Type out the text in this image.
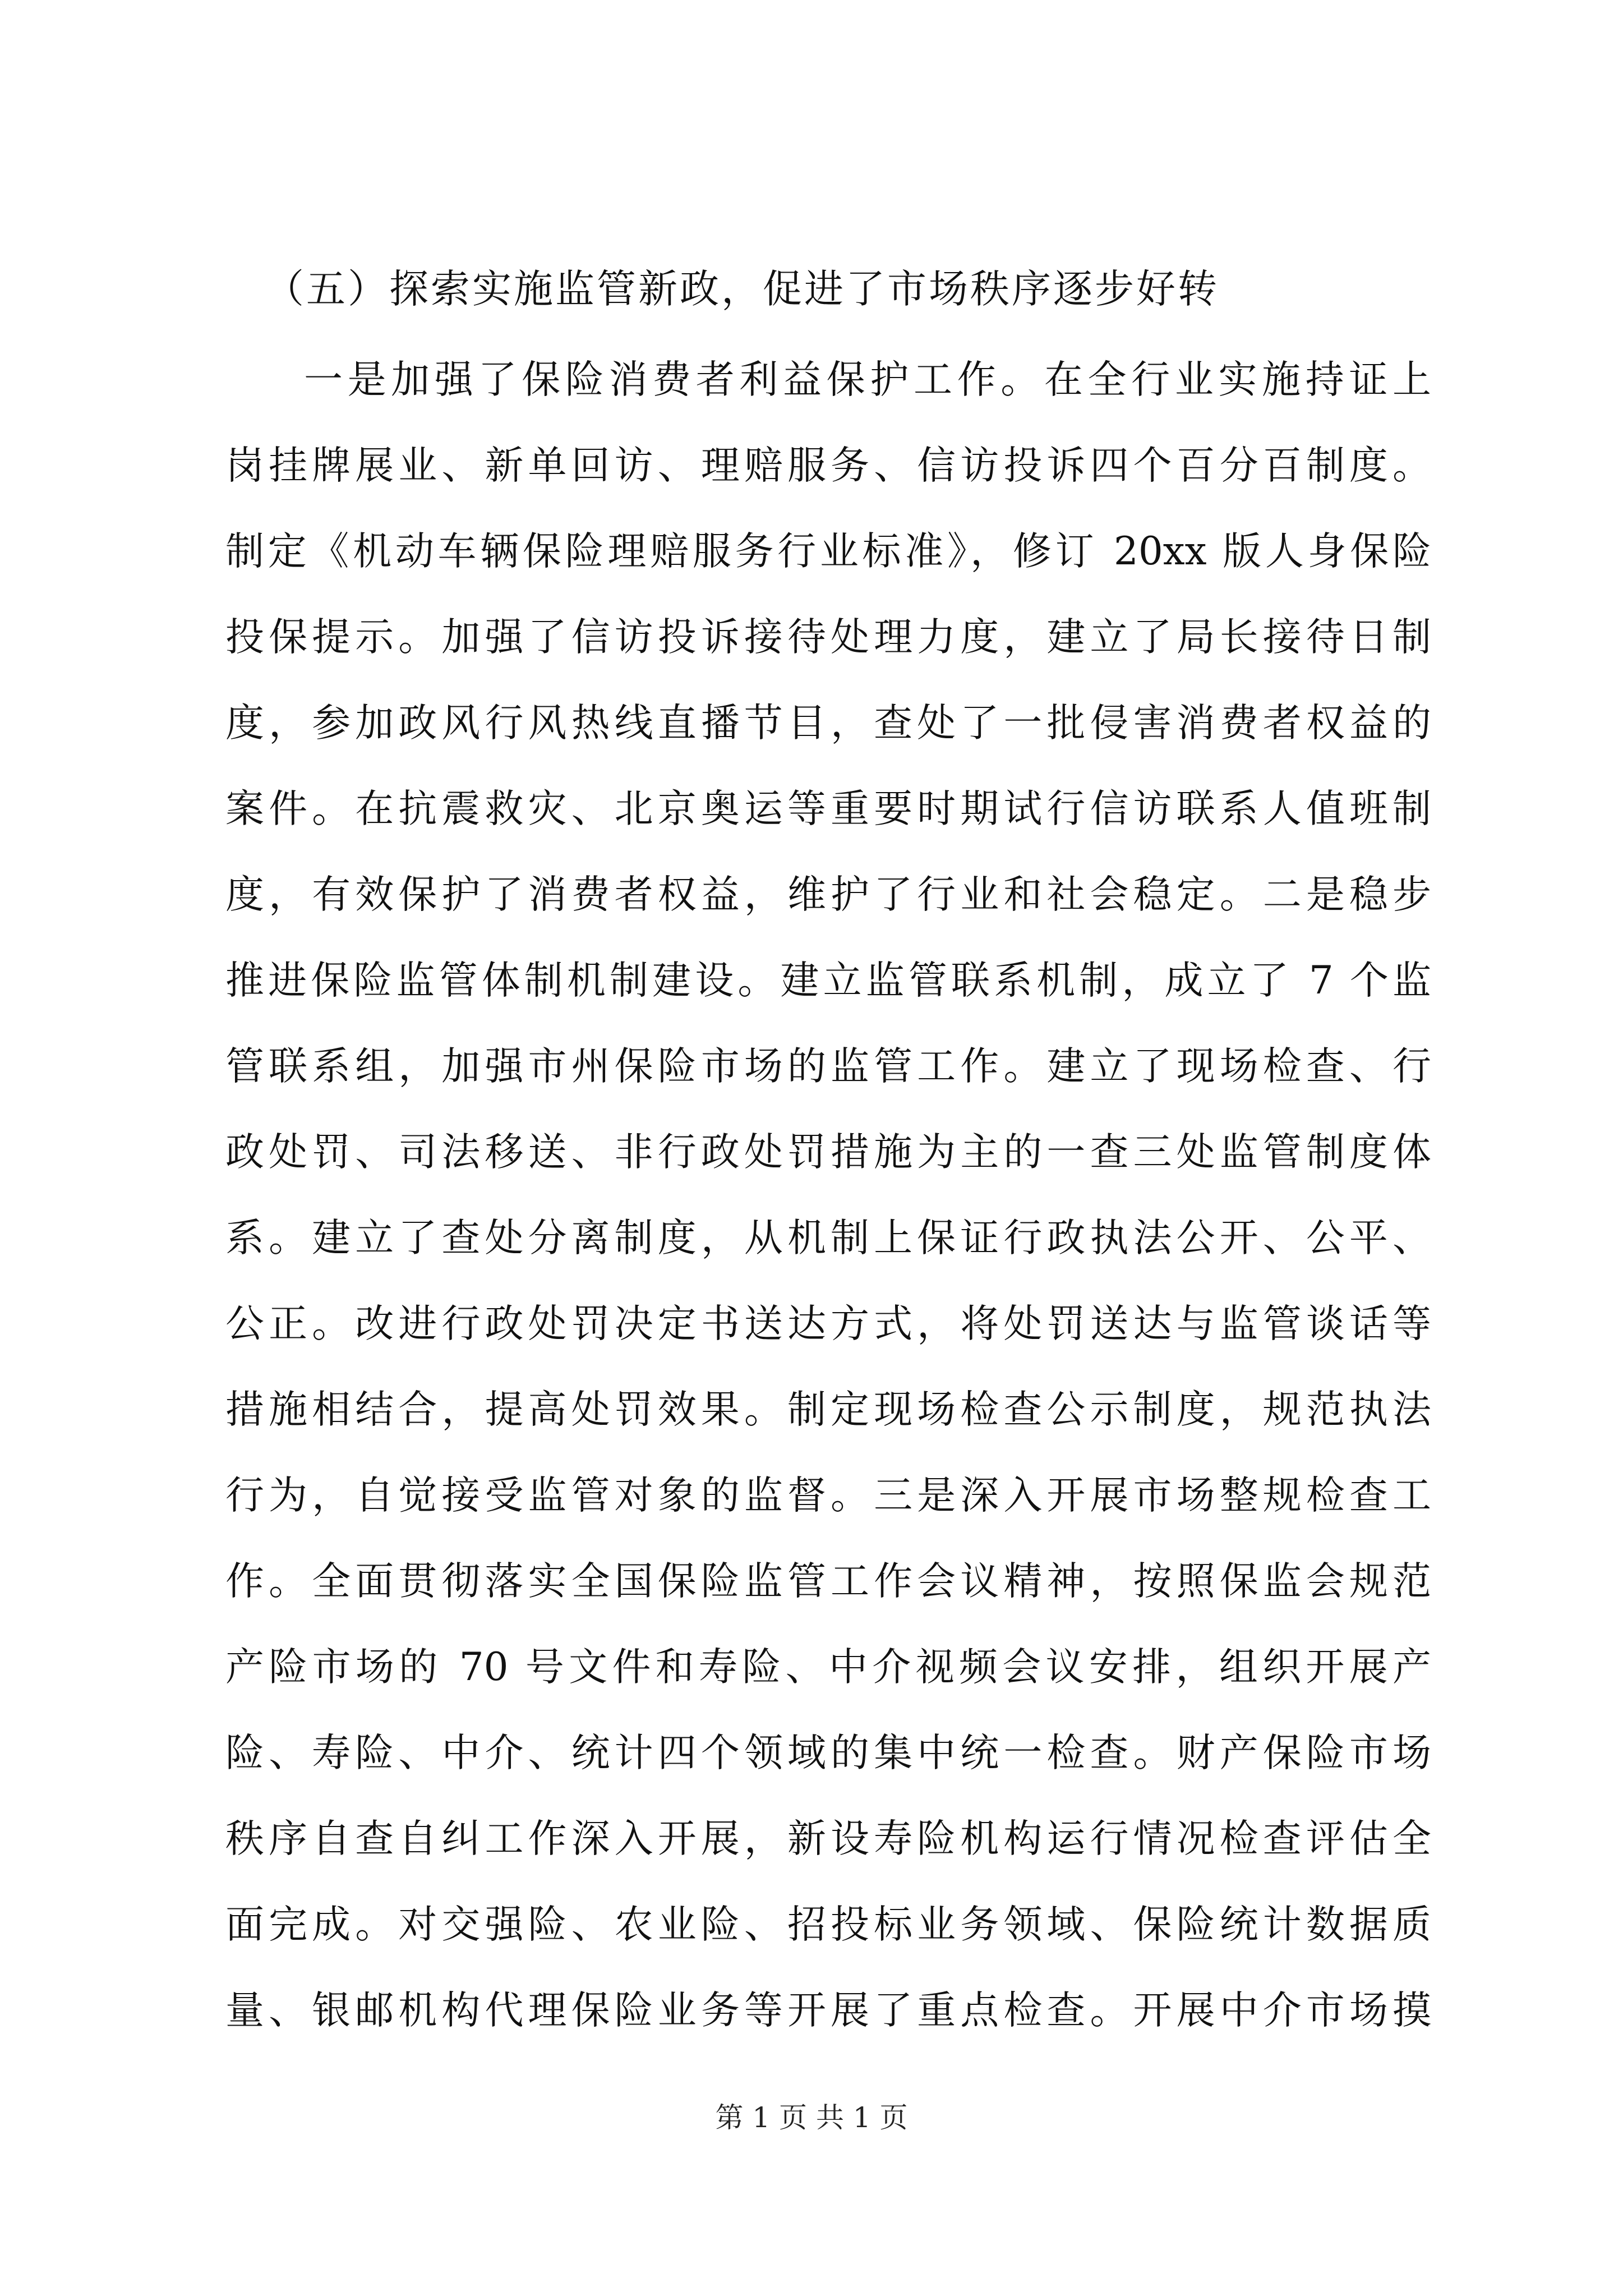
（五）探索实施监管新政，促进了市场秩序逐步好转
一是加强了保险消费者利益保护工作。在全行业实施持证上
岗挂牌展业、新单回访、理赔服务、信访投诉四个百分百制度。
制定《机动车辆保险理赔服务行业标准》，修订 20xx 版人身保险
投保提示。加强了信访投诉接待处理力度，建立了局长接待日制
度，参加政风行风热线直播节目，查处了一批侵害消费者权益的
案件。在抗震救灾、北京奥运等重要时期试行信访联系人值班制
度，有效保护了消费者权益，维护了行业和社会稳定。二是稳步
推进保险监管体制机制建设。建立监管联系机制，成立了 7 个监
管联系组，加强市州保险市场的监管工作。建立了现场检查、行
政处罚、司法移送、非行政处罚措施为主的一查三处监管制度体
系。建立了查处分离制度，从机制上保证行政执法公开、公平、
公正。改进行政处罚决定书送达方式，将处罚送达与监管谈话等
措施相结合，提高处罚效果。制定现场检查公示制度，规范执法
行为，自觉接受监管对象的监督。三是深入开展市场整规检查工
作。全面贯彻落实全国保险监管工作会议精神，按照保监会规范
产险市场的 70 号文件和寿险、中介视频会议安排，组织开展产
险、寿险、中介、统计四个领域的集中统一检查。财产保险市场
秩序自查自纠工作深入开展，新设寿险机构运行情况检查评估全
面完成。对交强险、农业险、招投标业务领域、保险统计数据质
量、银邮机构代理保险业务等开展了重点检查。开展中介市场摸
第 1 页 共 1 页
